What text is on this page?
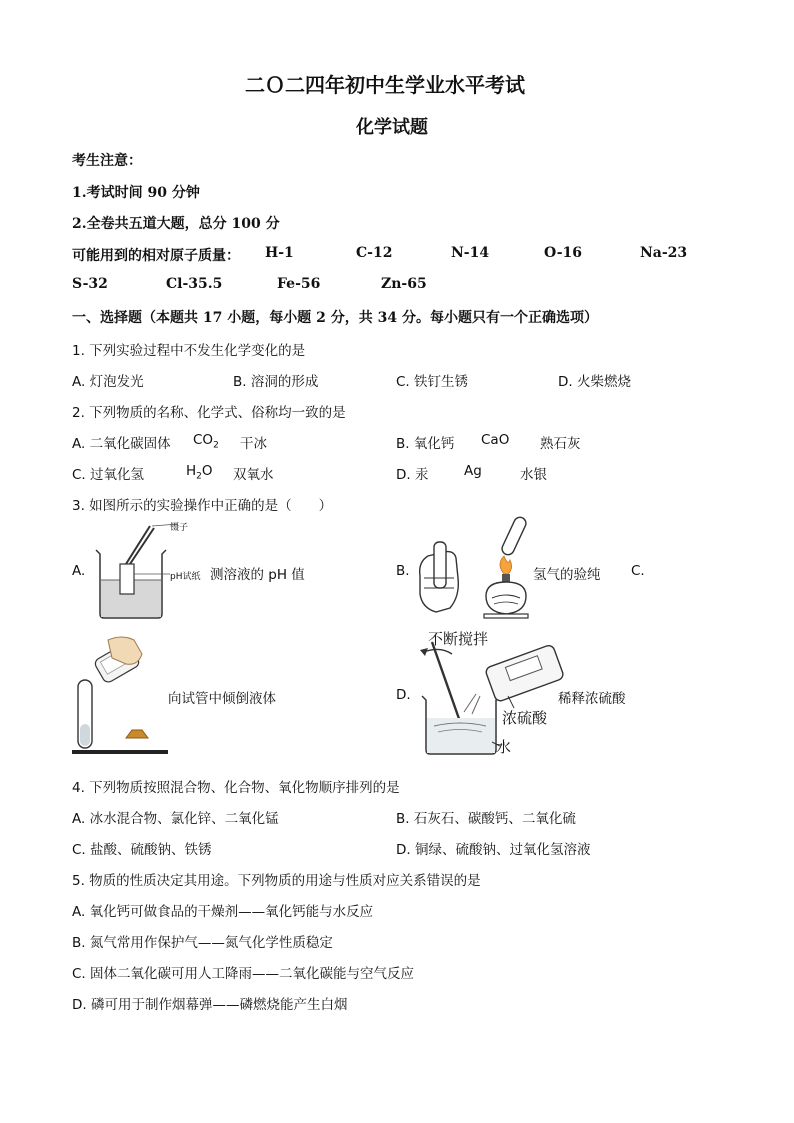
二Ｏ二四年初中生学业水平考试
化学试题
考生注意：
1.考试时间 90 分钟
2.全卷共五道大题，总分 100 分
可能用到的相对原子质量： H-1	C-12	N-14	O-16	Na-23
S-32	Cl-35.5	Fe-56	Zn-65
一、选择题（本题共 17 小题，每小题 2 分，共 34 分。每小题只有一个正确选项）
1. 下列实验过程中不发生化学变化的是
A. 灯泡发光	B. 溶洞的形成	C. 铁钉生锈	D. 火柴燃烧
2. 下列物质的名称、化学式、俗称均一致的是
A. 二氧化碳固体 $CO_2$ 干冰	B. 氧化钙 CaO 熟石灰
C. 过氧化氢	$H_2O$ 双氧水	D. 汞	Ag	水银
3. 如图所示的实验操作中正确的是（　　）
A.
镊子
pH试纸 测溶液的 pH 值	B.	氢气的验纯 C.
向试管中倾倒液体	D.
不断搅拌
浓硫酸
水
稀释浓硫酸
4. 下列物质按照混合物、化合物、氧化物顺序排列的是
A. 冰水混合物、氯化锌、二氧化锰	B. 石灰石、碳酸钙、二氧化硫
C. 盐酸、硫酸钠、铁锈	D. 铜绿、硫酸钠、过氧化氢溶液
5. 物质的性质决定其用途。下列物质的用途与性质对应关系错误的是
A. 氧化钙可做食品的干燥剂——氧化钙能与水反应
B. 氮气常用作保护气——氮气化学性质稳定
C. 固体二氧化碳可用人工降雨——二氧化碳能与空气反应
D. 磷可用于制作烟幕弹——磷燃烧能产生白烟
